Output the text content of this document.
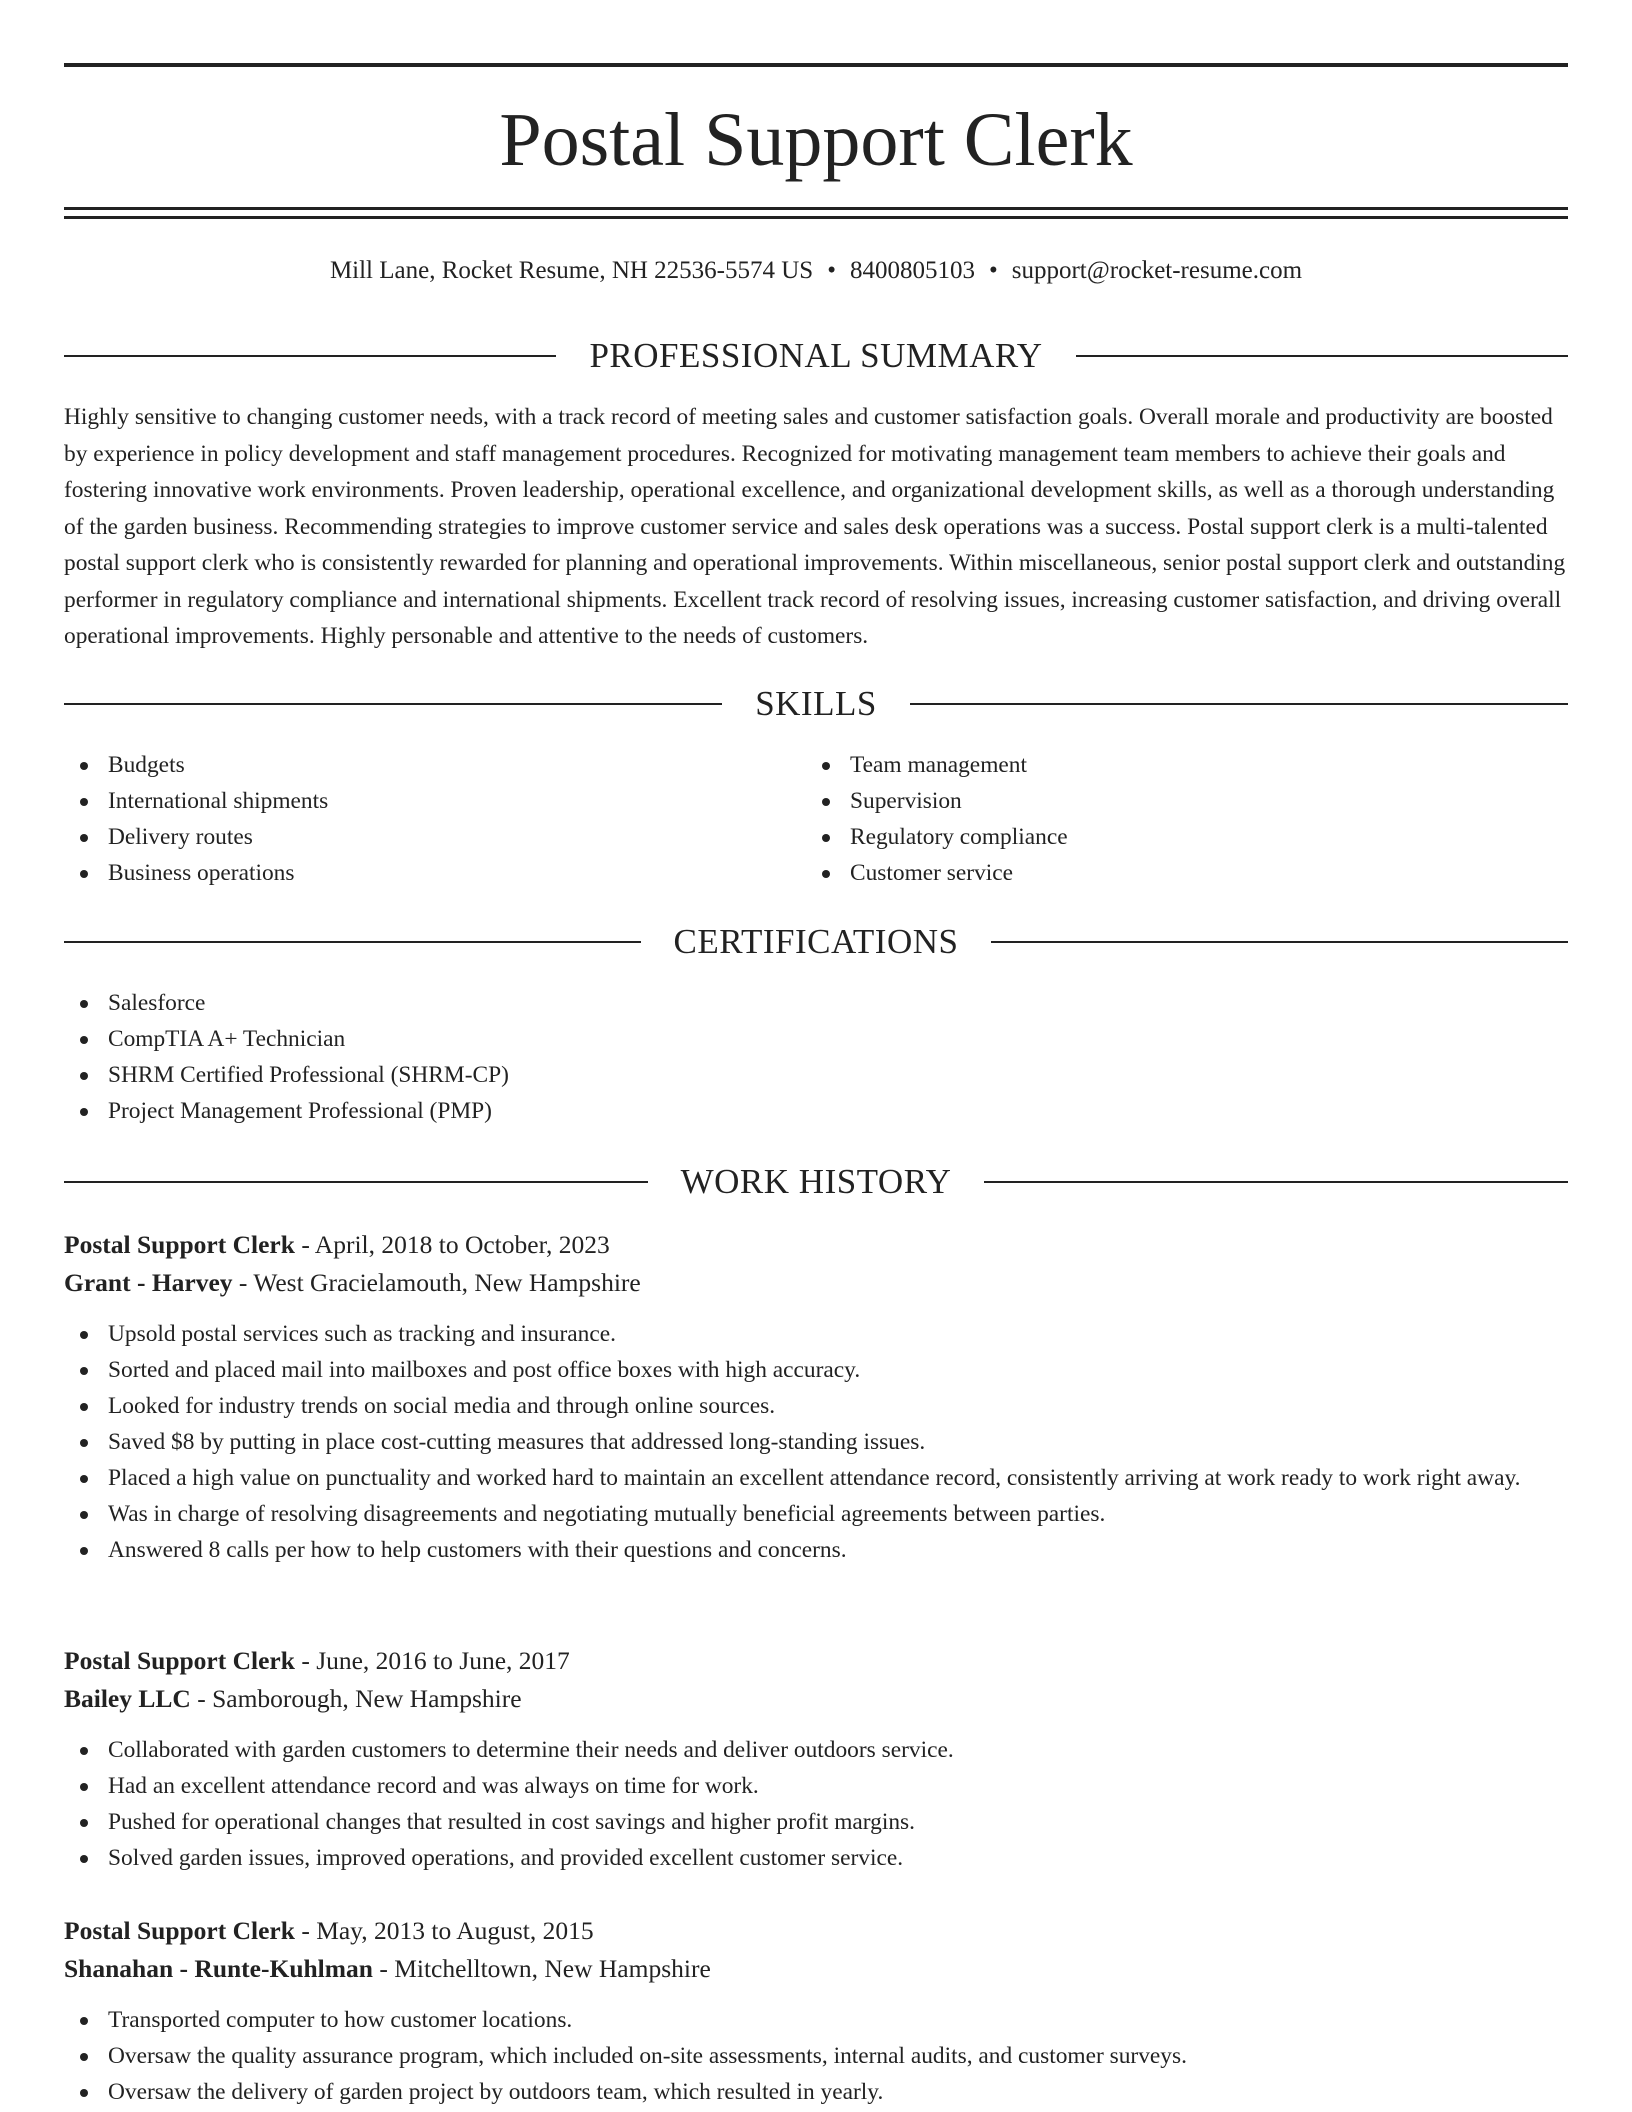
Postal Support Clerk
Mill Lane, Rocket Resume, NH 22536-5574 US • 8400805103 • support@rocket-resume.com
PROFESSIONAL SUMMARY

Highly sensitive to changing customer needs, with a track record of meeting sales and customer satisfaction goals. Overall morale and productivity are boosted by experience in policy development and staff management procedures. Recognized for motivating management team members to achieve their goals and fostering innovative work environments. Proven leadership, operational excellence, and organizational development skills, as well as a thorough understanding of the garden business. Recommending strategies to improve customer service and sales desk operations was a success. Postal support clerk is a multi-talented postal support clerk who is consistently rewarded for planning and operational improvements. Within miscellaneous, senior postal support clerk and outstanding performer in regulatory compliance and international shipments. Excellent track record of resolving issues, increasing customer satisfaction, and driving overall operational improvements. Highly personable and attentive to the needs of customers.

SKILLS
Budgets
International shipments
Delivery routes
Business operations
Team management
Supervision
Regulatory compliance
Customer service
CERTIFICATIONS
Salesforce
CompTIA A+ Technician
SHRM Certified Professional (SHRM-CP)
Project Management Professional (PMP)
WORK HISTORY
Postal Support Clerk - April, 2018 to October, 2023
Grant - Harvey - West Gracielamouth, New Hampshire
Upsold postal services such as tracking and insurance.
Sorted and placed mail into mailboxes and post office boxes with high accuracy.
Looked for industry trends on social media and through online sources.
Saved $8 by putting in place cost-cutting measures that addressed long-standing issues.
Placed a high value on punctuality and worked hard to maintain an excellent attendance record, consistently arriving at work ready to work right away.
Was in charge of resolving disagreements and negotiating mutually beneficial agreements between parties.
Answered 8 calls per how to help customers with their questions and concerns.
Postal Support Clerk - June, 2016 to June, 2017
Bailey LLC - Samborough, New Hampshire
Collaborated with garden customers to determine their needs and deliver outdoors service.
Had an excellent attendance record and was always on time for work.
Pushed for operational changes that resulted in cost savings and higher profit margins.
Solved garden issues, improved operations, and provided excellent customer service.
Postal Support Clerk - May, 2013 to August, 2015
Shanahan - Runte-Kuhlman - Mitchelltown, New Hampshire
Transported computer to how customer locations.
Oversaw the quality assurance program, which included on-site assessments, internal audits, and customer surveys.
Oversaw the delivery of garden project by outdoors team, which resulted in yearly.
